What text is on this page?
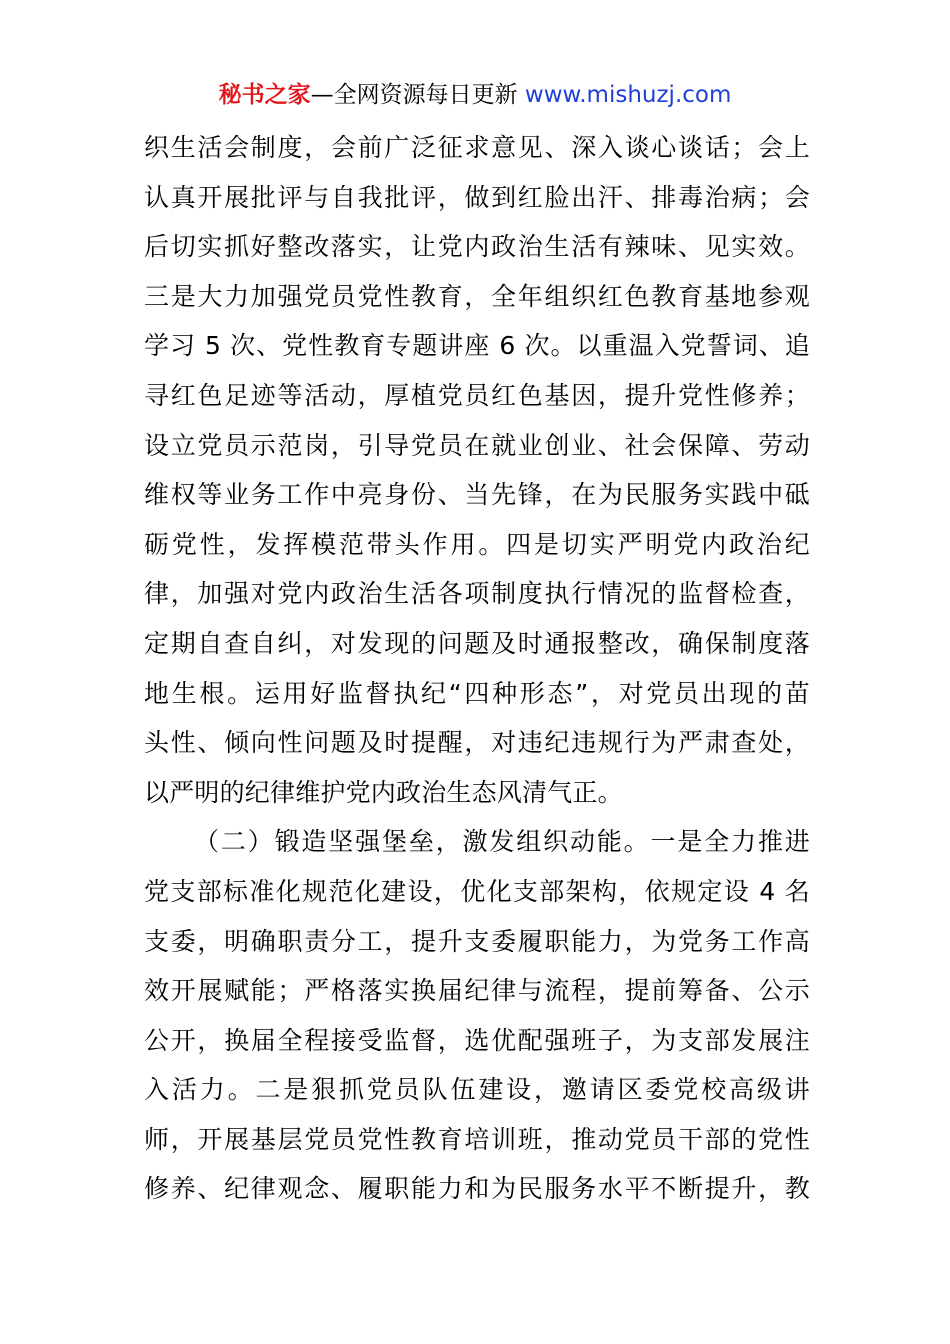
秘书之家—全网资源每日更新 www.mishuzj.com
织生活会制度，会前广泛征求意见、深入谈心谈话；会上
认真开展批评与自我批评，做到红脸出汗、排毒治病；会
后切实抓好整改落实，让党内政治生活有辣味、见实效。
三是大力加强党员党性教育，全年组织红色教育基地参观
学习 5 次、党性教育专题讲座 6 次。以重温入党誓词、追
寻红色足迹等活动，厚植党员红色基因，提升党性修养；
设立党员示范岗，引导党员在就业创业、社会保障、劳动
维权等业务工作中亮身份、当先锋，在为民服务实践中砥
砺党性，发挥模范带头作用。四是切实严明党内政治纪
律，加强对党内政治生活各项制度执行情况的监督检查，
定期自查自纠，对发现的问题及时通报整改，确保制度落
地生根。运用好监督执纪“四种形态”，对党员出现的苗
头性、倾向性问题及时提醒，对违纪违规行为严肃查处，
以严明的纪律维护党内政治生态风清气正。
（二）锻造坚强堡垒，激发组织动能。一是全力推进
党支部标准化规范化建设，优化支部架构，依规定设 4 名
支委，明确职责分工，提升支委履职能力，为党务工作高
效开展赋能；严格落实换届纪律与流程，提前筹备、公示
公开，换届全程接受监督，选优配强班子，为支部发展注
入活力。二是狠抓党员队伍建设，邀请区委党校高级讲
师，开展基层党员党性教育培训班，推动党员干部的党性
修养、纪律观念、履职能力和为民服务水平不断提升，教
